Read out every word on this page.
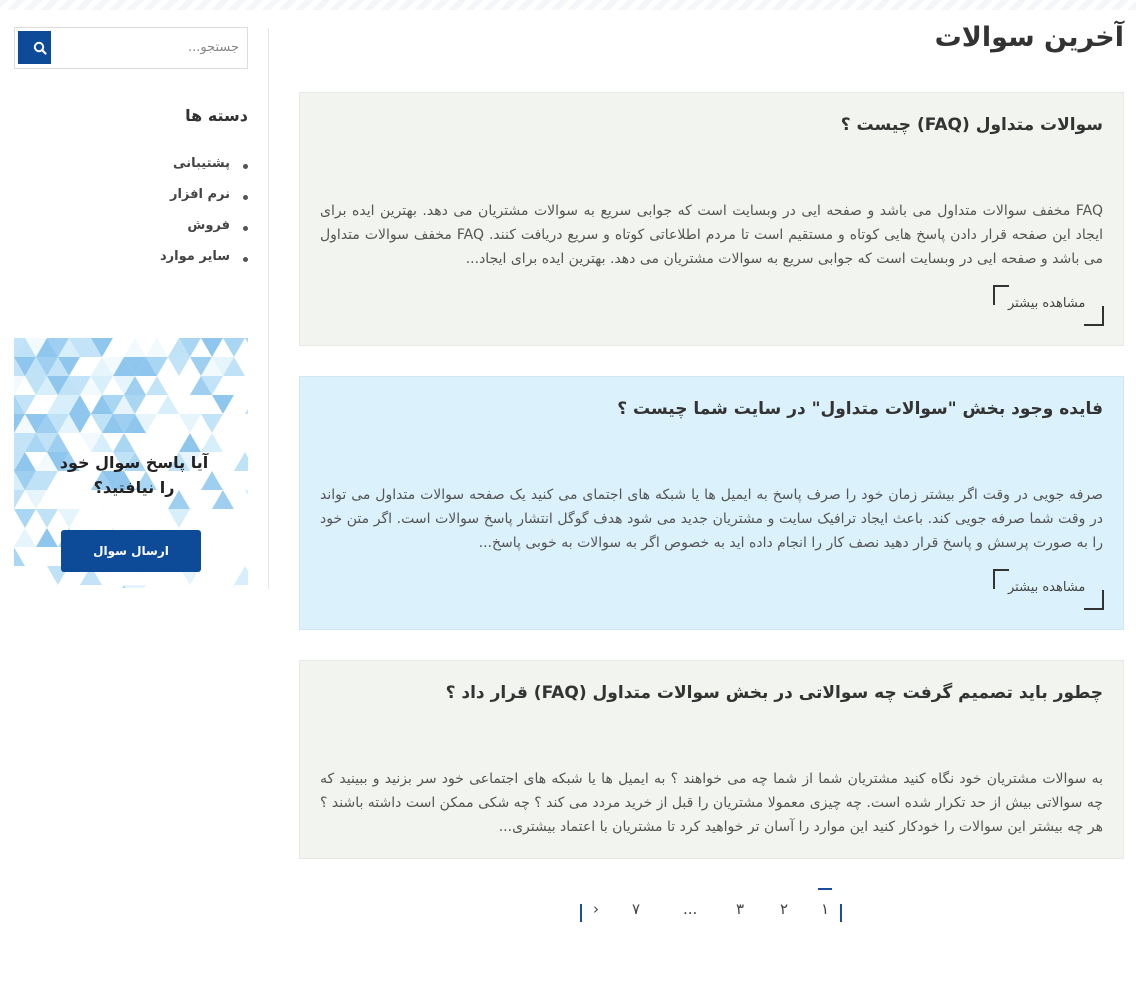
آخرین سوالات
سوالات متداول (FAQ) چیست ؟

FAQ مخفف سوالات متداول می باشد و صفحه ایی در وبسایت است که جوابی سریع به سوالات مشتریان می دهد. بهترین ایده برای ایجاد این صفحه قرار دادن پاسخ هایی کوتاه و مستقیم است تا مردم اطلاعاتی کوتاه و سریع دریافت کنند. FAQ مخفف سوالات متداول می باشد و صفحه ایی در وبسایت است که جوابی سریع به سوالات مشتریان می دهد. بهترین ایده برای ایجاد...

مشاهده بیشتر
فایده وجود بخش "سوالات متداول" در سایت شما چیست ؟

صرفه جویی در وقت اگر بیشتر زمان خود را صرف پاسخ به ایمیل ها یا شبکه های اجتمای می کنید یک صفحه سوالات متداول می تواند در وقت شما صرفه جویی کند. باعث ایجاد ترافیک سایت و مشتریان جدید می شود هدف گوگل انتشار پاسخ سوالات است. اگر متن خود را به صورت پرسش و پاسخ قرار دهید نصف کار را انجام داده اید به خصوص اگر به سوالات به خوبی پاسخ...

مشاهده بیشتر
چطور باید تصمیم گرفت چه سوالاتی در بخش سوالات متداول (FAQ) قرار داد ؟

به سوالات مشتریان خود نگاه کنید مشتریان شما از شما چه می خواهند ؟ به ایمیل ها یا شبکه های اجتماعی خود سر بزنید و ببینید که چه سوالاتی بیش از حد تکرار شده است. چه چیزی معمولا مشتریان را قبل از خرید مردد می کند ؟ چه شکی ممکن است داشته باشند ؟ هر چه بیشتر این سوالات را خودکار کنید این موارد را آسان تر خواهید کرد تا مشتریان با اعتماد بیشتری...

› ۷	...	۳ ۲ ۱
جستجو...
دسته ها
پشتیبانی
نرم افزار
فروش
سایر موارد

آیا پاسخ سوال خود را نیافتید؟

ارسال سوال
